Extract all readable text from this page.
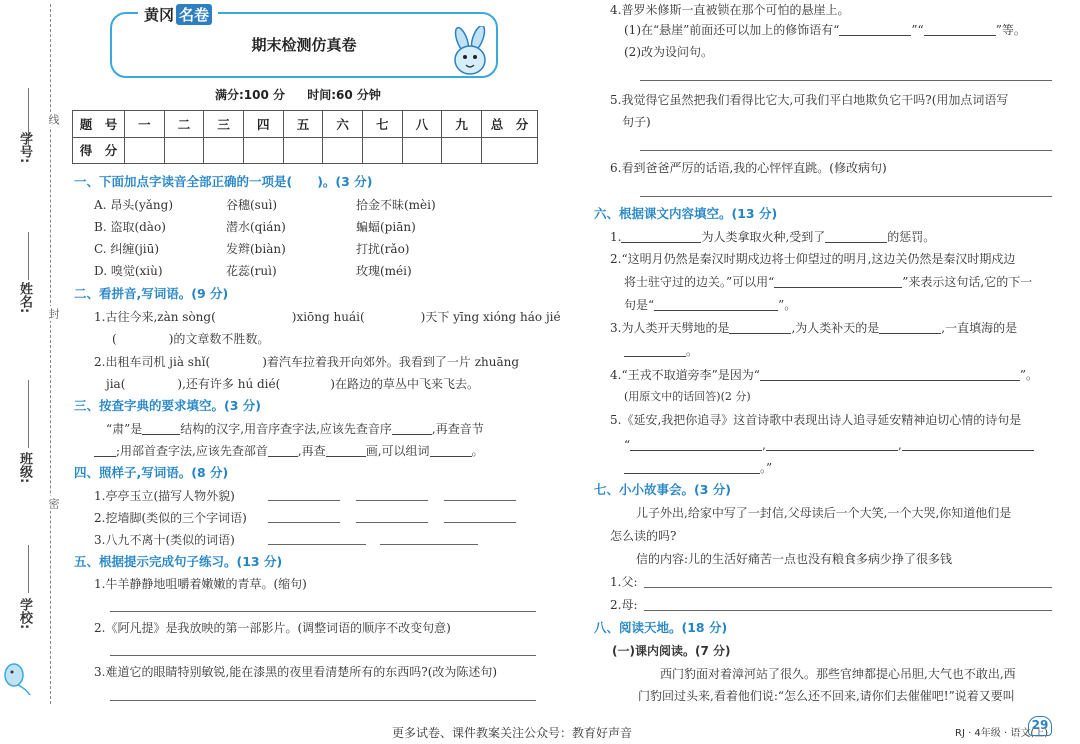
学号:
姓名:
班级:
学校:
线
封
密
黄冈 名卷
期末检测仿真卷
满分:100 分 时间:60 分钟
题　号	一	二	三	四	五	六	七	八	九	总　分
得　分										
一、下面加点字读音全部正确的一项是(　　)。(3 分)
A. 昂头(yǎng)	谷穗(suì)	拾金不昧(mèi)
B. 盗取(dào)	潜水(qián)	蝙蝠(piān)
C. 纠缠(jiū)	发辫(biàn)	打扰(rǎo)
D. 嗅觉(xiù)	花蕊(ruì)	玫瑰(méi)
二、看拼音,写词语。(9 分)
1.古往今来,zàn sòng(	)xiōng huái(	)天下 yīng xióng háo jié
(	)的文章数不胜数。
2.出租车司机 jià shǐ(	)着汽车拉着我开向郊外。我看到了一片 zhuāng
jia(	),还有许多 hú dié(	)在路边的草丛中飞来飞去。
三、按查字典的要求填空。(3 分)
“肃”是	结构的汉字,用音序查字法,应该先查音序	,再查音节
;用部首查字法,应该先查部首	,再查	画,可以组词	。
四、照样子,写词语。(8 分)
1.亭亭玉立(描写人物外貌)
2.挖墙脚(类似的三个字词语)
3.八九不离十(类似的词语)
五、根据提示完成句子练习。(13 分)
1.牛羊静静地咀嚼着嫩嫩的青草。(缩句)
2.《阿凡提》是我放映的第一部影片。(调整词语的顺序不改变句意)
3.难道它的眼睛特别敏锐,能在漆黑的夜里看清楚所有的东西吗?(改为陈述句)
4.普罗米修斯一直被锁在那个可怕的悬崖上。
(1)在“悬崖”前面还可以加上的修饰语有“	”“	”等。
(2)改为设问句。
5.我觉得它虽然把我们看得比它大,可我们平白地欺负它干吗?(用加点词语写
句子)
6.看到爸爸严厉的话语,我的心怦怦直跳。(修改病句)
六、根据课文内容填空。(13 分)
1.	为人类拿取火种,受到了	的惩罚。
2.“这明月仍然是秦汉时期戍边将士仰望过的明月,这边关仍然是秦汉时期戍边
将士驻守过的边关。”可以用“	”来表示这句话,它的下一
句是“	”。
3.为人类开天劈地的是	,为人类补天的是	,一直填海的是
。
4.“王戎不取道旁李”是因为“	”。
(用原文中的话回答)(2 分)
5.《延安,我把你追寻》这首诗歌中表现出诗人追寻延安精神迫切心情的诗句是
“	,	,
。”
七、小小故事会。(3 分)
儿子外出,给家中写了一封信,父母读后一个大笑,一个大哭,你知道他们是
怎么读的吗?
信的内容:儿的生活好痛苦一点也没有粮食多病少挣了很多钱
1.父:
2.母:
八、阅读天地。(18 分)
(一)课内阅读。(7 分)
西门豹面对着漳河站了很久。那些官绅都提心吊胆,大气也不敢出,西
门豹回过头来,看着他们说:“怎么还不回来,请你们去催催吧!”说着又要叫
更多试卷、课件教案关注公众号：教育好声音	RJ · 4年级 · 语文(上)
29
